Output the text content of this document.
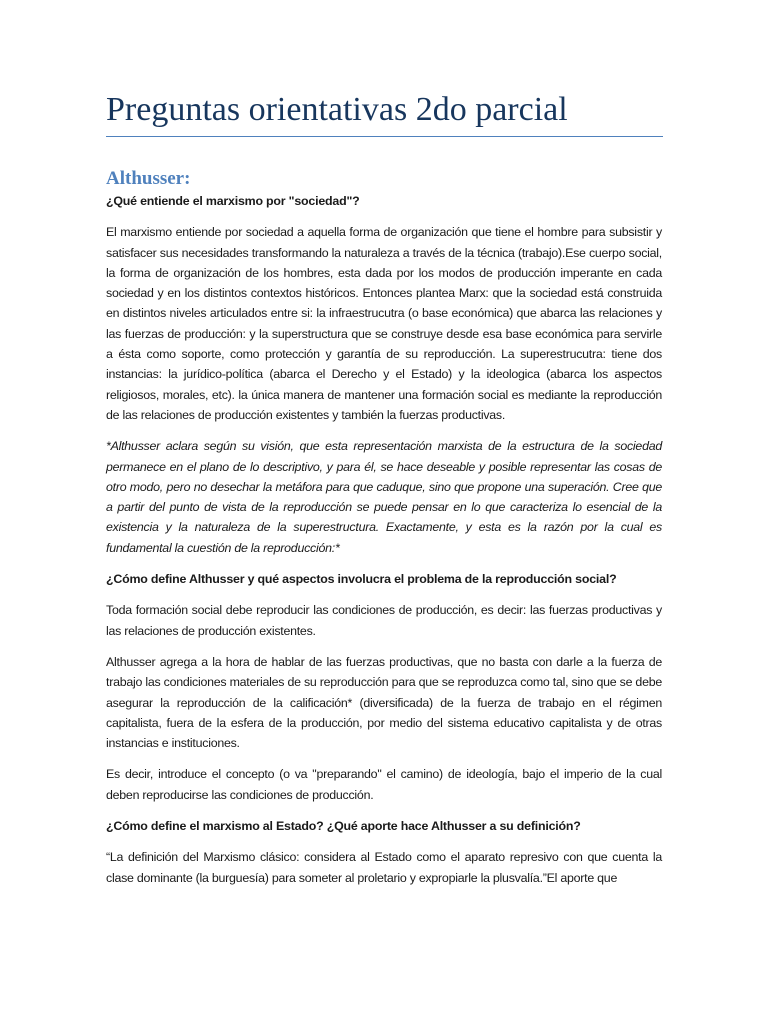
Preguntas orientativas 2do parcial
Althusser:

¿Qué entiende el marxismo por "sociedad"?

El marxismo entiende por sociedad a aquella forma de organización que tiene el hombre para subsistir y satisfacer sus necesidades transformando la naturaleza a través de la técnica (trabajo).Ese cuerpo social, la forma de organización de los hombres, esta dada por los modos de producción imperante en cada sociedad y en los distintos contextos históricos. Entonces plantea Marx: que la sociedad está construida en distintos niveles articulados entre si: la infraestrucutra (o base económica) que abarca las relaciones y las fuerzas de producción: y la superstructura que se construye desde esa base económica para servirle a ésta como soporte, como protección y garantía de su reproducción. La superestrucutra: tiene dos instancias: la jurídico-política (abarca el Derecho y el Estado) y la ideologica (abarca los aspectos religiosos, morales, etc). la única manera de mantener una formación social es mediante la reproducción de las relaciones de producción existentes y también la fuerzas productivas.

*Althusser aclara según su visión, que esta representación marxista de la estructura de la sociedad permanece en el plano de lo descriptivo, y para él, se hace deseable y posible representar las cosas de otro modo, pero no desechar la metáfora para que caduque, sino que propone una superación. Cree que a partir del punto de vista de la reproducción se puede pensar en lo que caracteriza lo esencial de la existencia y la naturaleza de la superestructura. Exactamente, y esta es la razón por la cual es fundamental la cuestión de la reproducción:*

¿Cómo define Althusser y qué aspectos involucra el problema de la reproducción social?

Toda formación social debe reproducir las condiciones de producción, es decir: las fuerzas productivas y las relaciones de producción existentes.

Althusser agrega a la hora de hablar de las fuerzas productivas, que no basta con darle a la fuerza de trabajo las condiciones materiales de su reproducción para que se reproduzca como tal, sino que se debe asegurar la reproducción de la calificación* (diversificada) de la fuerza de trabajo en el régimen capitalista, fuera de la esfera de la producción, por medio del sistema educativo capitalista y de otras instancias e instituciones.

Es decir, introduce el concepto (o va "preparando" el camino) de ideología, bajo el imperio de la cual deben reproducirse las condiciones de producción.

¿Cómo define el marxismo al Estado? ¿Qué aporte hace Althusser a su definición?

“La definición del Marxismo clásico: considera al Estado como el aparato represivo con que cuenta la clase dominante (la burguesía) para someter al proletario y expropiarle la plusvalía.”El aporte que
